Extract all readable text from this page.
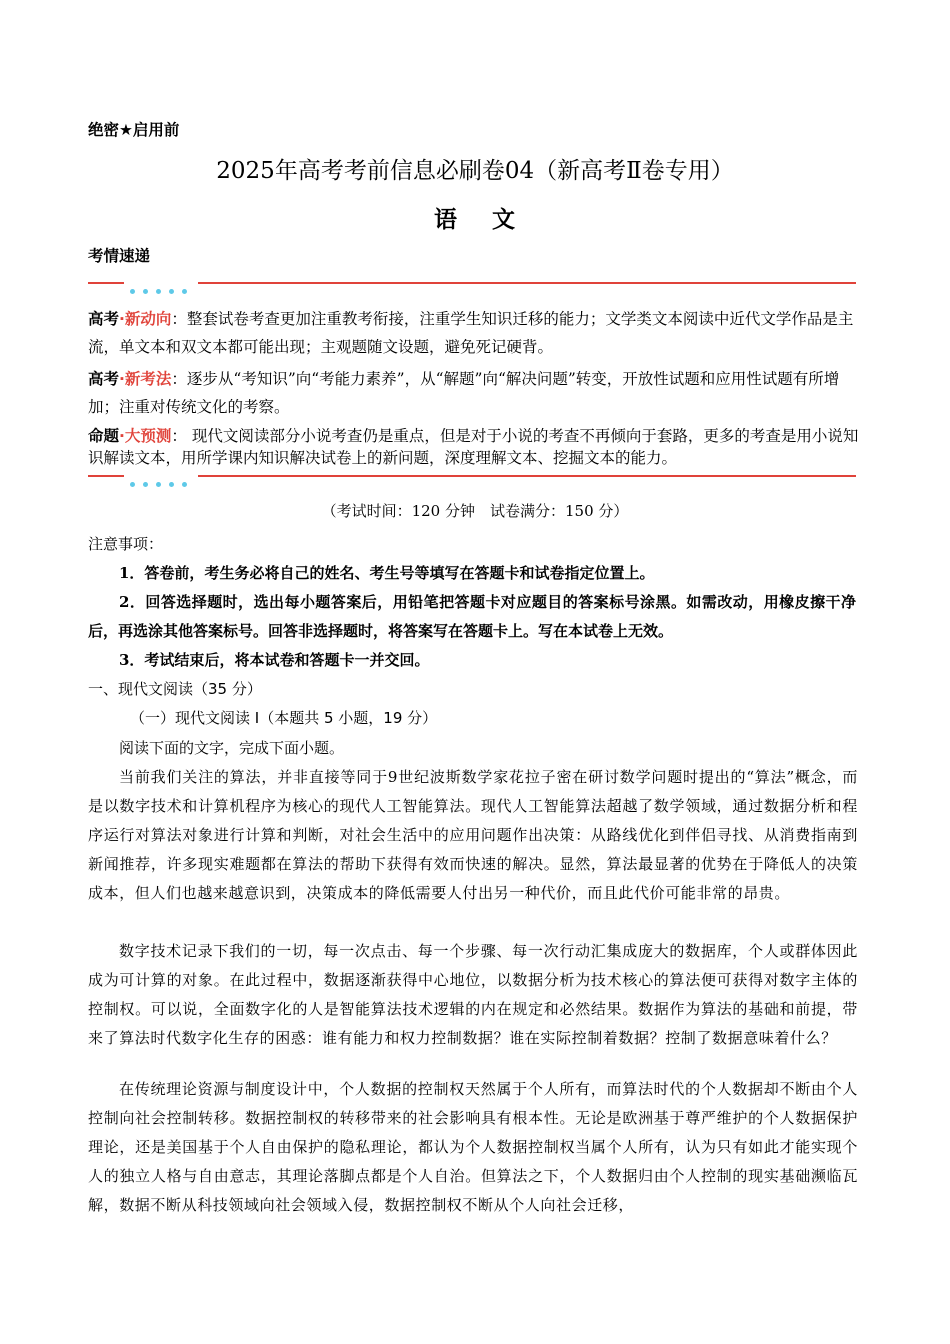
绝密★启用前
2025年高考考前信息必刷卷04（新高考Ⅱ卷专用）
语 文
考情速递
高考·新动向：整套试卷考查更加注重教考衔接，注重学生知识迁移的能力；文学类文本阅读中近代文学作品是主流，单文本和双文本都可能出现；主观题随文设题，避免死记硬背。
高考·新考法：逐步从“考知识”向“考能力素养”，从“解题”向“解决问题”转变，开放性试题和应用性试题有所增加；注重对传统文化的考察。
命题·大预测： 现代文阅读部分小说考查仍是重点，但是对于小说的考查不再倾向于套路，更多的考查是用小说知识解读文本，用所学课内知识解决试卷上的新问题，深度理解文本、挖掘文本的能力。
（考试时间：120 分钟　试卷满分：150 分）
注意事项：
1．答卷前，考生务必将自己的姓名、考生号等填写在答题卡和试卷指定位置上。
2．回答选择题时，选出每小题答案后，用铅笔把答题卡对应题目的答案标号涂黑。如需改动，用橡皮擦干净后，再选涂其他答案标号。回答非选择题时，将答案写在答题卡上。写在本试卷上无效。
3．考试结束后，将本试卷和答题卡一并交回。
一、现代文阅读（35 分）
（一）现代文阅读 I（本题共 5 小题，19 分）
阅读下面的文字，完成下面小题。
当前我们关注的算法，并非直接等同于9世纪波斯数学家花拉子密在研讨数学问题时提出的“算法”概念，而是以数字技术和计算机程序为核心的现代人工智能算法。现代人工智能算法超越了数学领域，通过数据分析和程序运行对算法对象进行计算和判断，对社会生活中的应用问题作出决策：从路线优化到伴侣寻找、从消费指南到新闻推荐，许多现实难题都在算法的帮助下获得有效而快速的解决。显然，算法最显著的优势在于降低人的决策成本，但人们也越来越意识到，决策成本的降低需要人付出另一种代价，而且此代价可能非常的昂贵。
数字技术记录下我们的一切，每一次点击、每一个步骤、每一次行动汇集成庞大的数据库，个人或群体因此成为可计算的对象。在此过程中，数据逐渐获得中心地位，以数据分析为技术核心的算法便可获得对数字主体的控制权。可以说，全面数字化的人是智能算法技术逻辑的内在规定和必然结果。数据作为算法的基础和前提，带来了算法时代数字化生存的困惑：谁有能力和权力控制数据？谁在实际控制着数据？控制了数据意味着什么？
在传统理论资源与制度设计中，个人数据的控制权天然属于个人所有，而算法时代的个人数据却不断由个人控制向社会控制转移。数据控制权的转移带来的社会影响具有根本性。无论是欧洲基于尊严维护的个人数据保护理论，还是美国基于个人自由保护的隐私理论，都认为个人数据控制权当属个人所有，认为只有如此才能实现个人的独立人格与自由意志，其理论落脚点都是个人自治。但算法之下，个人数据归由个人控制的现实基础濒临瓦解，数据不断从科技领域向社会领域入侵，数据控制权不断从个人向社会迁移，
